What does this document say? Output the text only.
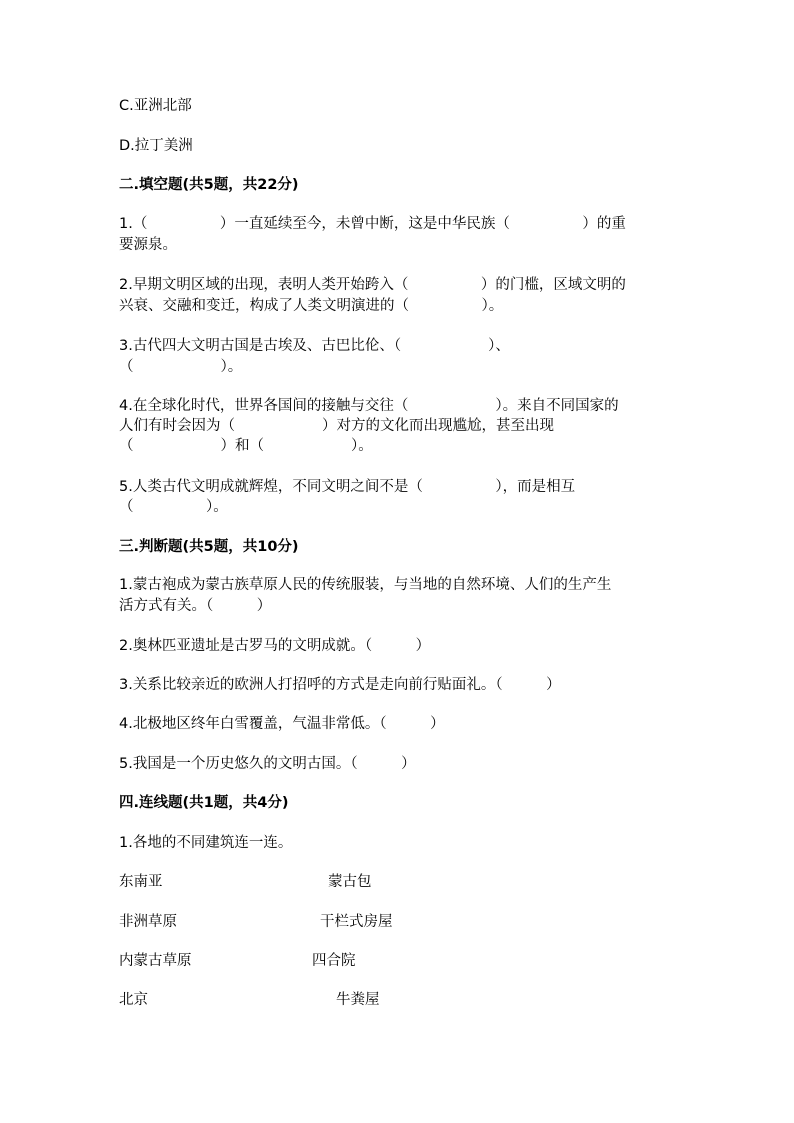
C.亚洲北部

D.拉丁美洲

二.填空题(共5题，共22分)

1.（　　　　　）一直延续至今，未曾中断，这是中华民族（　　　　　）的重

要源泉。

2.早期文明区域的出现，表明人类开始跨入（　　　　　）的门槛，区域文明的

兴衰、交融和变迁，构成了人类文明演进的（　　　　　）。

3.古代四大文明古国是古埃及、古巴比伦、（　　　　　　）、

（　　　　　　）。

4.在全球化时代，世界各国间的接触与交往（　　　　　　）。来自不同国家的

人们有时会因为（　　　　　　）对方的文化而出现尴尬，甚至出现

（　　　　　　）和（　　　　　　）。

5.人类古代文明成就辉煌，不同文明之间不是（　　　　　），而是相互

（　　　　　）。

三.判断题(共5题，共10分)

1.蒙古袍成为蒙古族草原人民的传统服装，与当地的自然环境、人们的生产生

活方式有关。（　　　）

2.奥林匹亚遗址是古罗马的文明成就。（　　　）

3.关系比较亲近的欧洲人打招呼的方式是走向前行贴面礼。（　　　）

4.北极地区终年白雪覆盖，气温非常低。（　　　）

5.我国是一个历史悠久的文明古国。（　　　）

四.连线题(共1题，共4分)

1.各地的不同建筑连一连。

东南亚	蒙古包
非洲草原	干栏式房屋
内蒙古草原	四合院
北京	牛粪屋
